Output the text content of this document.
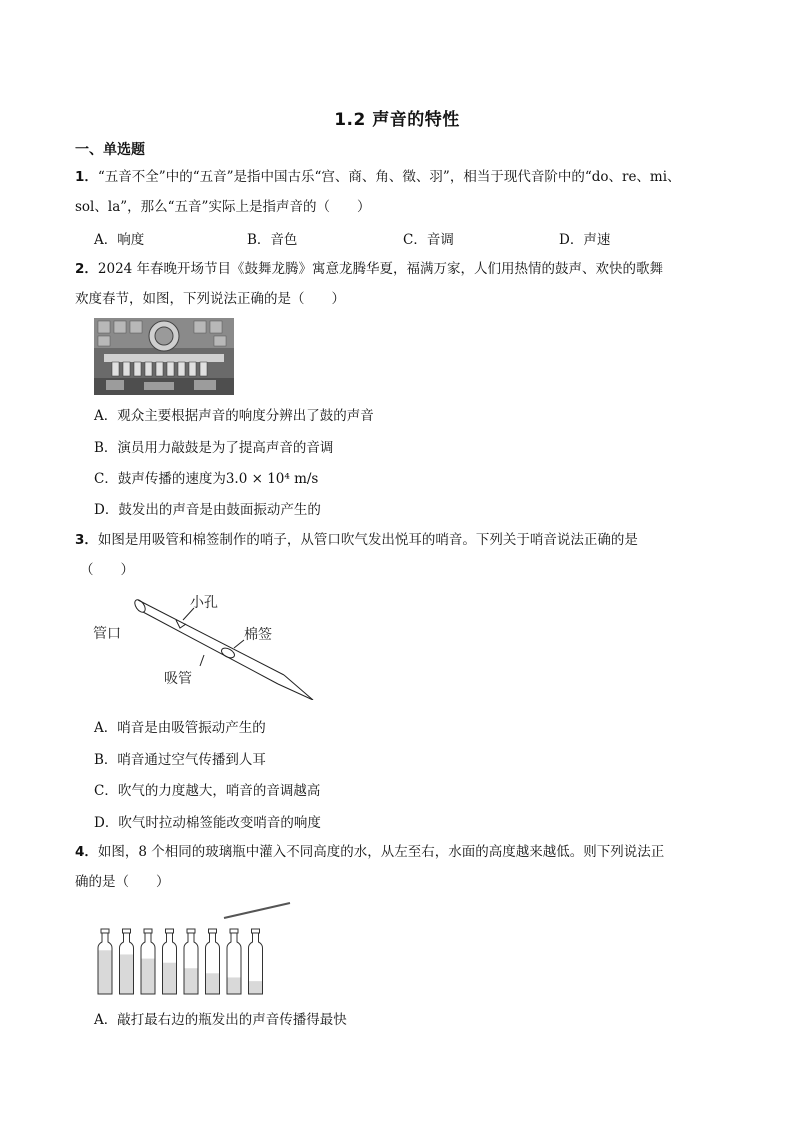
1.2 声音的特性
一、单选题
1．“五音不全”中的“五音”是指中国古乐“宫、商、角、徵、羽”，相当于现代音阶中的“do、re、mi、
sol、la”，那么“五音”实际上是指声音的（　　）
A．响度	B．音色	C．音调	D．声速
2．2024 年春晚开场节目《鼓舞龙腾》寓意龙腾华夏，福满万家，人们用热情的鼓声、欢快的歌舞
欢度春节，如图，下列说法正确的是（　　）
A．观众主要根据声音的响度分辨出了鼓的声音
B．演员用力敲鼓是为了提高声音的音调
C．鼓声传播的速度为3.0 × 10⁴ m/s
D．鼓发出的声音是由鼓面振动产生的
3．如图是用吸管和棉签制作的哨子，从管口吹气发出悦耳的哨音。下列关于哨音说法正确的是
（　　）
小孔
管口	棉签
吸管
A．哨音是由吸管振动产生的
B．哨音通过空气传播到人耳
C．吹气的力度越大，哨音的音调越高
D．吹气时拉动棉签能改变哨音的响度
4．如图，8 个相同的玻璃瓶中灌入不同高度的水，从左至右，水面的高度越来越低。则下列说法正
确的是（　　）
A．敲打最右边的瓶发出的声音传播得最快
